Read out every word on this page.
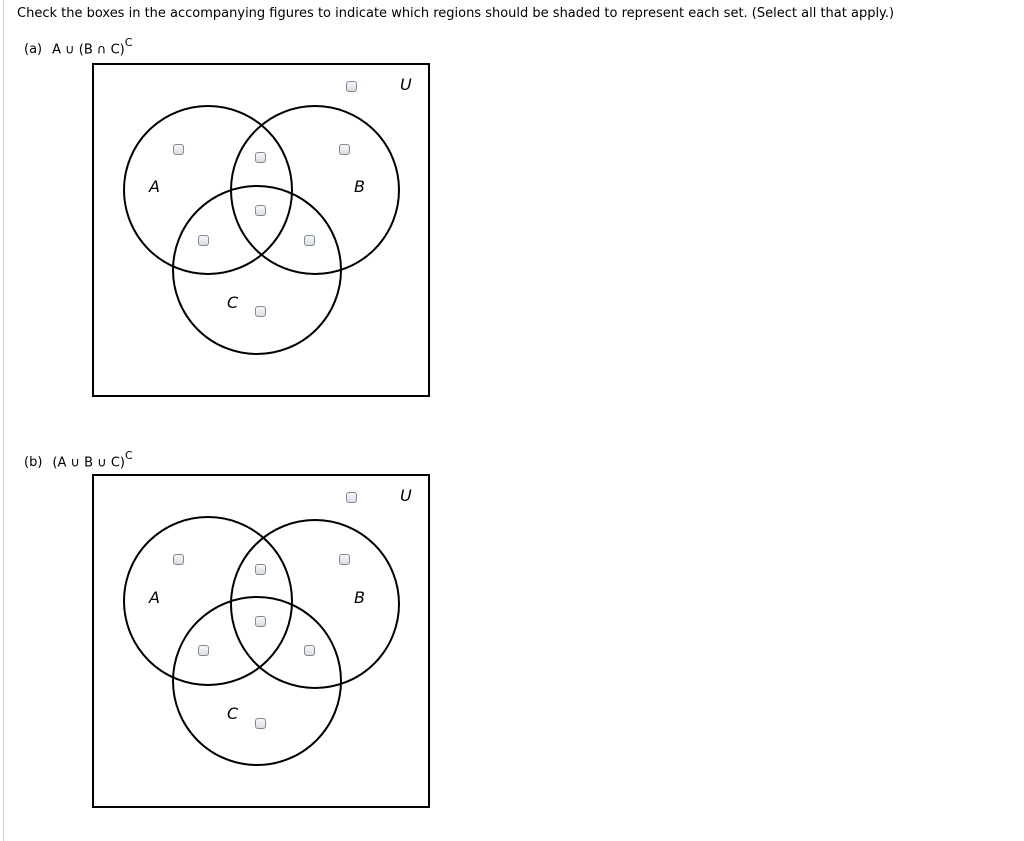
Check the boxes in the accompanying figures to indicate which regions should be shaded to represent each set. (Select all that apply.)
(a) A ∪ (B ∩ C)$^C$
A	B
C
U
(b) (A ∪ B ∪ C)$^C$
A	B
C
U
